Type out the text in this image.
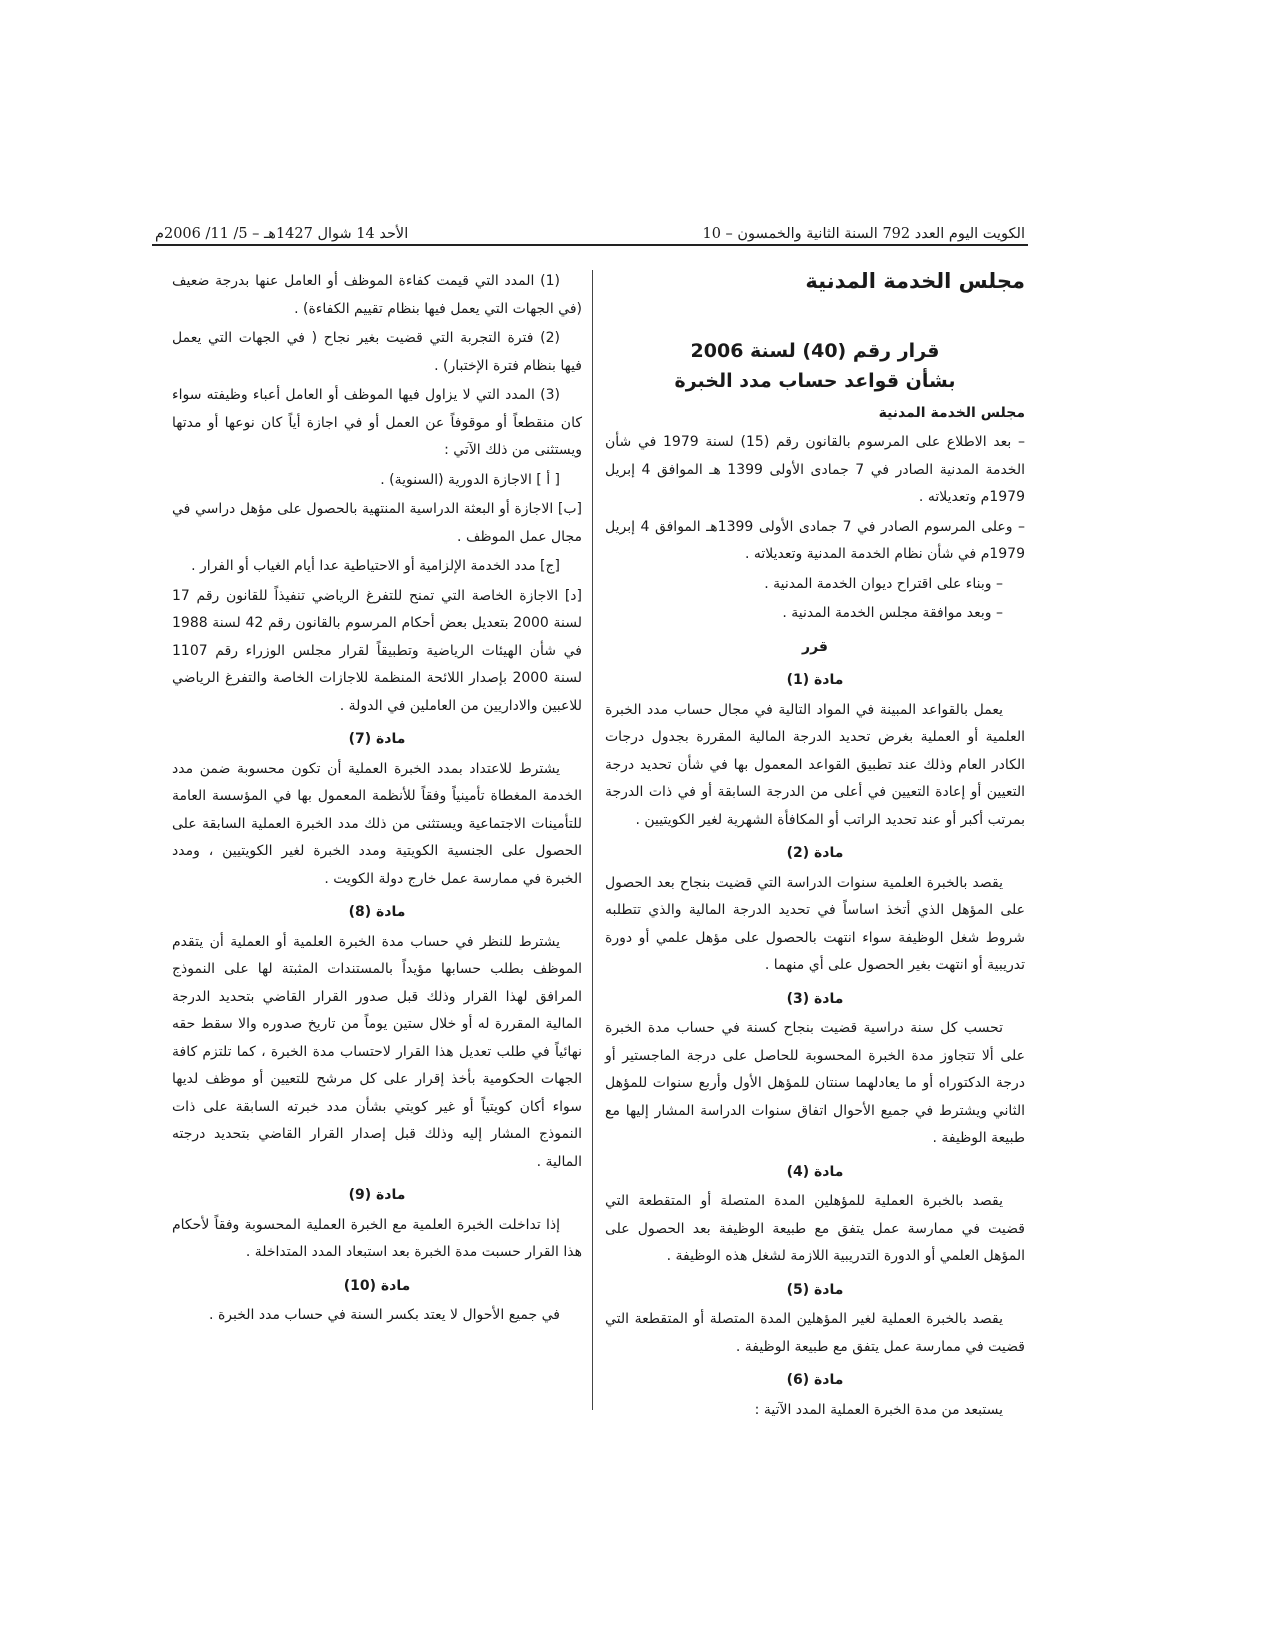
الكويت اليوم العدد 792 السنة الثانية والخمسون – 10
الأحد 14 شوال 1427هـ – 5/ 11/ 2006م
مجلس الخدمة المدنية
قرار رقم (40) لسنة 2006
بشأن قواعد حساب مدد الخبرة
مجلس الخدمة المدنية

– بعد الاطلاع على المرسوم بالقانون رقم (15) لسنة 1979 في شأن الخدمة المدنية الصادر في 7 جمادى الأولى 1399 هـ الموافق 4 إبريل 1979م وتعديلاته .

– وعلى المرسوم الصادر في 7 جمادى الأولى 1399هـ الموافق 4 إبريل 1979م في شأن نظام الخدمة المدنية وتعديلاته .

– وبناء على اقتراح ديوان الخدمة المدنية .

– وبعد موافقة مجلس الخدمة المدنية .

قرر
مادة (1)

يعمل بالقواعد المبينة في المواد التالية في مجال حساب مدد الخبرة العلمية أو العملية بغرض تحديد الدرجة المالية المقررة بجدول درجات الكادر العام وذلك عند تطبيق القواعد المعمول بها في شأن تحديد درجة التعيين أو إعادة التعيين في أعلى من الدرجة السابقة أو في ذات الدرجة بمرتب أكبر أو عند تحديد الراتب أو المكافأة الشهرية لغير الكويتيين .

مادة (2)

يقصد بالخبرة العلمية سنوات الدراسة التي قضيت بنجاح بعد الحصول على المؤهل الذي أتخذ اساساً في تحديد الدرجة المالية والذي تتطلبه شروط شغل الوظيفة سواء انتهت بالحصول على مؤهل علمي أو دورة تدريبية أو انتهت بغير الحصول على أي منهما .

مادة (3)

تحسب كل سنة دراسية قضيت بنجاح كسنة في حساب مدة الخبرة على ألا تتجاوز مدة الخبرة المحسوبة للحاصل على درجة الماجستير أو درجة الدكتوراه أو ما يعادلهما سنتان للمؤهل الأول وأربع سنوات للمؤهل الثاني ويشترط في جميع الأحوال اتفاق سنوات الدراسة المشار إليها مع طبيعة الوظيفة .

مادة (4)

يقصد بالخبرة العملية للمؤهلين المدة المتصلة أو المتقطعة التي قضيت في ممارسة عمل يتفق مع طبيعة الوظيفة بعد الحصول على المؤهل العلمي أو الدورة التدريبية اللازمة لشغل هذه الوظيفة .

مادة (5)

يقصد بالخبرة العملية لغير المؤهلين المدة المتصلة أو المتقطعة التي قضيت في ممارسة عمل يتفق مع طبيعة الوظيفة .

مادة (6)

يستبعد من مدة الخبرة العملية المدد الآتية :

(1) المدد التي قيمت كفاءة الموظف أو العامل عنها بدرجة ضعيف (في الجهات التي يعمل فيها بنظام تقييم الكفاءة) .

(2) فترة التجربة التي قضيت بغير نجاح ( في الجهات التي يعمل فيها بنظام فترة الإختبار) .

(3) المدد التي لا يزاول فيها الموظف أو العامل أعباء وظيفته سواء كان منقطعاً أو موقوفاً عن العمل أو في اجازة أياً كان نوعها أو مدتها ويستثنى من ذلك الآتي :

[ أ ] الاجازة الدورية (السنوية) .

[ب] الاجازة أو البعثة الدراسية المنتهية بالحصول على مؤهل دراسي في مجال عمل الموظف .

[ج] مدد الخدمة الإلزامية أو الاحتياطية عدا أيام الغياب أو الفرار .

[د] الاجازة الخاصة التي تمنح للتفرغ الرياضي تنفيذاً للقانون رقم 17 لسنة 2000 بتعديل بعض أحكام المرسوم بالقانون رقم 42 لسنة 1988 في شأن الهيئات الرياضية وتطبيقاً لقرار مجلس الوزراء رقم 1107 لسنة 2000 بإصدار اللائحة المنظمة للاجازات الخاصة والتفرغ الرياضي للاعبين والاداريين من العاملين في الدولة .

مادة (7)

يشترط للاعتداد بمدد الخبرة العملية أن تكون محسوبة ضمن مدد الخدمة المغطاة تأمينياً وفقاً للأنظمة المعمول بها في المؤسسة العامة للتأمينات الاجتماعية ويستثنى من ذلك مدد الخبرة العملية السابقة على الحصول على الجنسية الكويتية ومدد الخبرة لغير الكويتيين ، ومدد الخبرة في ممارسة عمل خارج دولة الكويت .

مادة (8)

يشترط للنظر في حساب مدة الخبرة العلمية أو العملية أن يتقدم الموظف بطلب حسابها مؤيداً بالمستندات المثبتة لها على النموذج المرافق لهذا القرار وذلك قبل صدور القرار القاضي بتحديد الدرجة المالية المقررة له أو خلال ستين يوماً من تاريخ صدوره والا سقط حقه نهائياً في طلب تعديل هذا القرار لاحتساب مدة الخبرة ، كما تلتزم كافة الجهات الحكومية بأخذ إقرار على كل مرشح للتعيين أو موظف لديها سواء أكان كويتياً أو غير كويتي بشأن مدد خبرته السابقة على ذات النموذج المشار إليه وذلك قبل إصدار القرار القاضي بتحديد درجته المالية .

مادة (9)

إذا تداخلت الخبرة العلمية مع الخبرة العملية المحسوبة وفقاً لأحكام هذا القرار حسبت مدة الخبرة بعد استبعاد المدد المتداخلة .

مادة (10)

في جميع الأحوال لا يعتد بكسر السنة في حساب مدد الخبرة .
